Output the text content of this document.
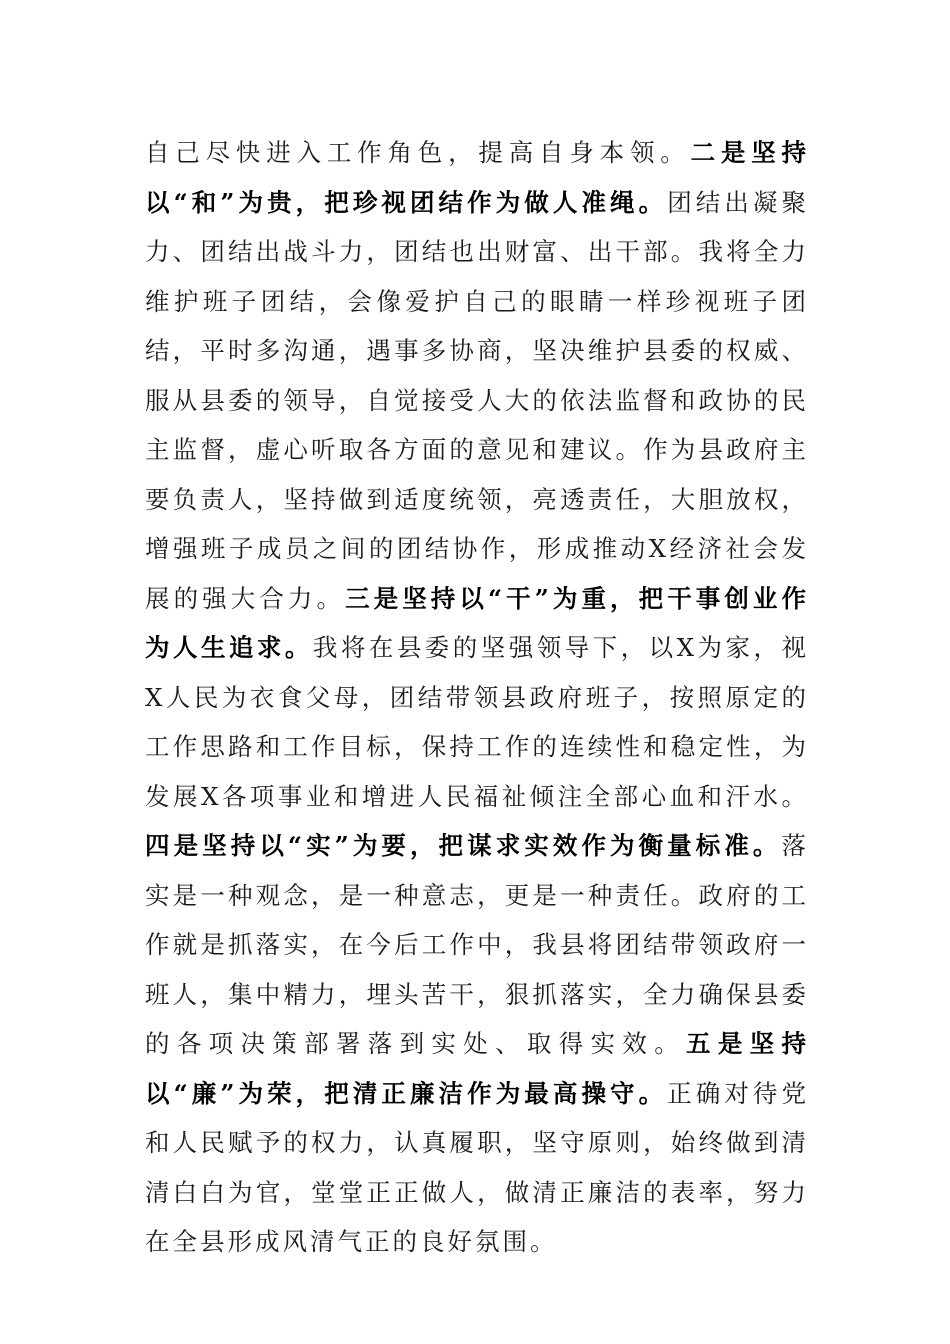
自己尽快进入工作角色，提高自身本领。二是坚持以“和”为贵，把珍视团结作为做人准绳。团结出凝聚力、团结出战斗力，团结也出财富、出干部。我将全力维护班子团结，会像爱护自己的眼睛一样珍视班子团结，平时多沟通，遇事多协商，坚决维护县委的权威、服从县委的领导，自觉接受人大的依法监督和政协的民主监督，虚心听取各方面的意见和建议。作为县政府主要负责人，坚持做到适度统领，亮透责任，大胆放权，增强班子成员之间的团结协作，形成推动X经济社会发展的强大合力。三是坚持以“干”为重，把干事创业作为人生追求。我将在县委的坚强领导下，以X为家，视X人民为衣食父母，团结带领县政府班子，按照原定的工作思路和工作目标，保持工作的连续性和稳定性，为发展X各项事业和增进人民福祉倾注全部心血和汗水。四是坚持以“实”为要，把谋求实效作为衡量标准。落实是一种观念，是一种意志，更是一种责任。政府的工作就是抓落实，在今后工作中，我县将团结带领政府一班人，集中精力，埋头苦干，狠抓落实，全力确保县委的各项决策部署落到实处、取得实效。五是坚持以“廉”为荣，把清正廉洁作为最高操守。正确对待党和人民赋予的权力，认真履职，坚守原则，始终做到清清白白为官，堂堂正正做人，做清正廉洁的表率，努力在全县形成风清气正的良好氛围。
